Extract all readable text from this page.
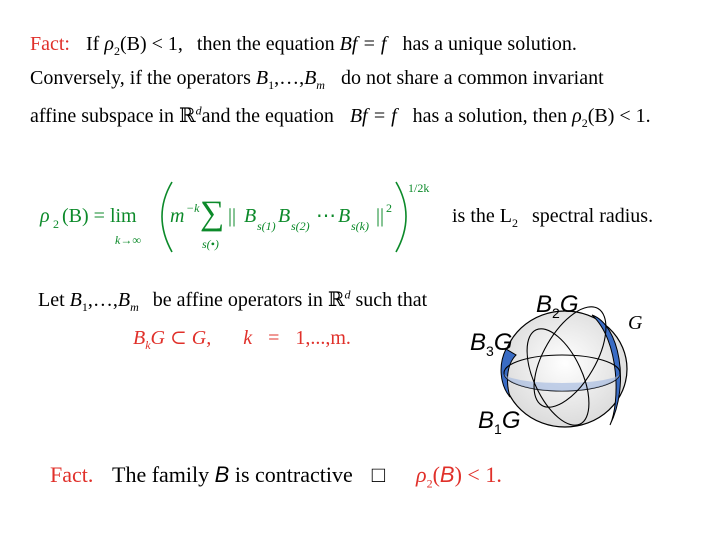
Fact: If $\rho_2(B) < 1$, then the equation Bf = f has a unique solution.
Conversely, if the operators $B_1,\dots,B_m$ do not share a common invariant
affine subspace in ℝ$^d$and the equation Bf = f has a solution, then $\rho_2(B) < 1$.
ρ 2 (B) = lim
k→∞
m −k ∑
s(•)
|| B s(1) B s(2) ⋯ B s(k) || 2
1/2k
is the $L_2$ spectral radius.
Let $B_1,\dots,B_m$ be affine operators in ℝ$^d$ such that
$B_kG$ ⊂ G, k = 1,...,m.
$B_2G$
$B_3G$
$B_1G$
G
Fact. The family B is contractive □ $\rho_2(B) < 1$.
